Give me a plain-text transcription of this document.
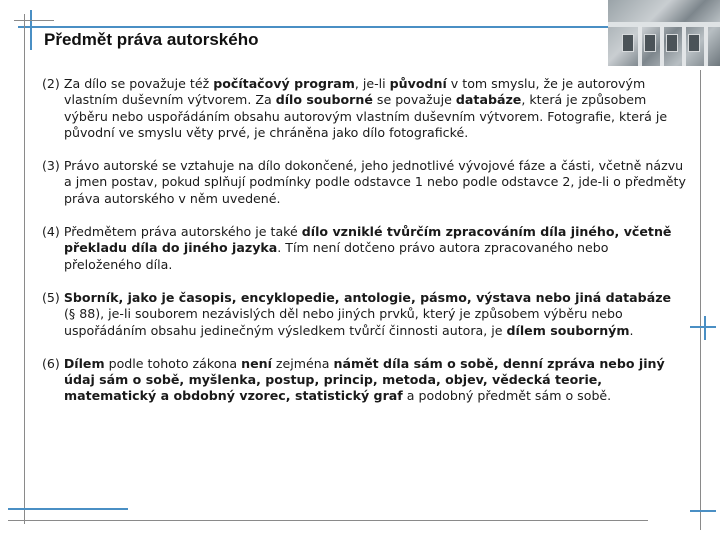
Předmět práva autorského

(2) Za dílo se považuje též počítačový program, je-li původní v tom smyslu, že je autorovým vlastním duševním výtvorem. Za dílo souborné se považuje databáze, která je způsobem výběru nebo uspořádáním obsahu autorovým vlastním duševním výtvorem. Fotografie, která je původní ve smyslu věty prvé, je chráněna jako dílo fotografické.

(3) Právo autorské se vztahuje na dílo dokončené, jeho jednotlivé vývojové fáze a části, včetně názvu a jmen postav, pokud splňují podmínky podle odstavce 1 nebo podle odstavce 2, jde-li o předměty práva autorského v něm uvedené.

(4) Předmětem práva autorského je také dílo vzniklé tvůrčím zpracováním díla jiného, včetně překladu díla do jiného jazyka. Tím není dotčeno právo autora zpracovaného nebo přeloženého díla.

(5) Sborník, jako je časopis, encyklopedie, antologie, pásmo, výstava nebo jiná databáze (§ 88), je-li souborem nezávislých děl nebo jiných prvků, který je způsobem výběru nebo uspořádáním obsahu jedinečným výsledkem tvůrčí činnosti autora, je dílem souborným.

(6) Dílem podle tohoto zákona není zejména námět díla sám o sobě, denní zpráva nebo jiný údaj sám o sobě, myšlenka, postup, princip, metoda, objev, vědecká teorie, matematický a obdobný vzorec, statistický graf a podobný předmět sám o sobě.
